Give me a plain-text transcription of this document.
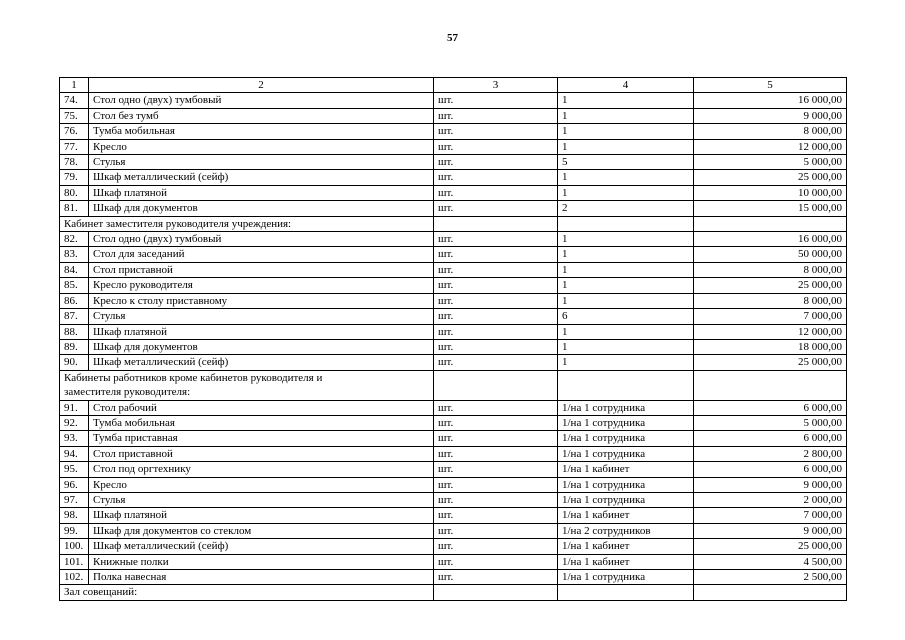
57
1	2	3	4	5
74.	Стол одно (двух) тумбовый	шт.	1	16 000,00
75.	Стол без тумб	шт.	1	9 000,00
76.	Тумба мобильная	шт.	1	8 000,00
77.	Кресло	шт.	1	12 000,00
78.	Стулья	шт.	5	5 000,00
79.	Шкаф металлический (сейф)	шт.	1	25 000,00
80.	Шкаф платяной	шт.	1	10 000,00
81.	Шкаф для документов	шт.	2	15 000,00
Кабинет заместителя руководителя учреждения:				
82.	Стол одно (двух) тумбовый	шт.	1	16 000,00
83.	Стол для заседаний	шт.	1	50 000,00
84.	Стол приставной	шт.	1	8 000,00
85.	Кресло руководителя	шт.	1	25 000,00
86.	Кресло к столу приставному	шт.	1	8 000,00
87.	Стулья	шт.	6	7 000,00
88.	Шкаф платяной	шт.	1	12 000,00
89.	Шкаф для документов	шт.	1	18 000,00
90.	Шкаф металлический (сейф)	шт.	1	25 000,00

Кабинеты работников кроме кабинетов руководителя и
заместителя руководителя:				

91.	Стол рабочий	шт.	1/на 1 сотрудника	6 000,00
92.	Тумба мобильная	шт.	1/на 1 сотрудника	5 000,00
93.	Тумба приставная	шт.	1/на 1 сотрудника	6 000,00
94.	Стол приставной	шт.	1/на 1 сотрудника	2 800,00
95.	Стол под оргтехнику	шт.	1/на 1 кабинет	6 000,00
96.	Кресло	шт.	1/на 1 сотрудника	9 000,00
97.	Стулья	шт.	1/на 1 сотрудника	2 000,00
98.	Шкаф платяной	шт.	1/на 1 кабинет	7 000,00
99.	Шкаф для документов со стеклом	шт.	1/на 2 сотрудников	9 000,00
100.	Шкаф металлический (сейф)	шт.	1/на 1 кабинет	25 000,00
101.	Книжные полки	шт.	1/на 1 кабинет	4 500,00
102.	Полка навесная	шт.	1/на 1 сотрудника	2 500,00
Зал совещаний:				
